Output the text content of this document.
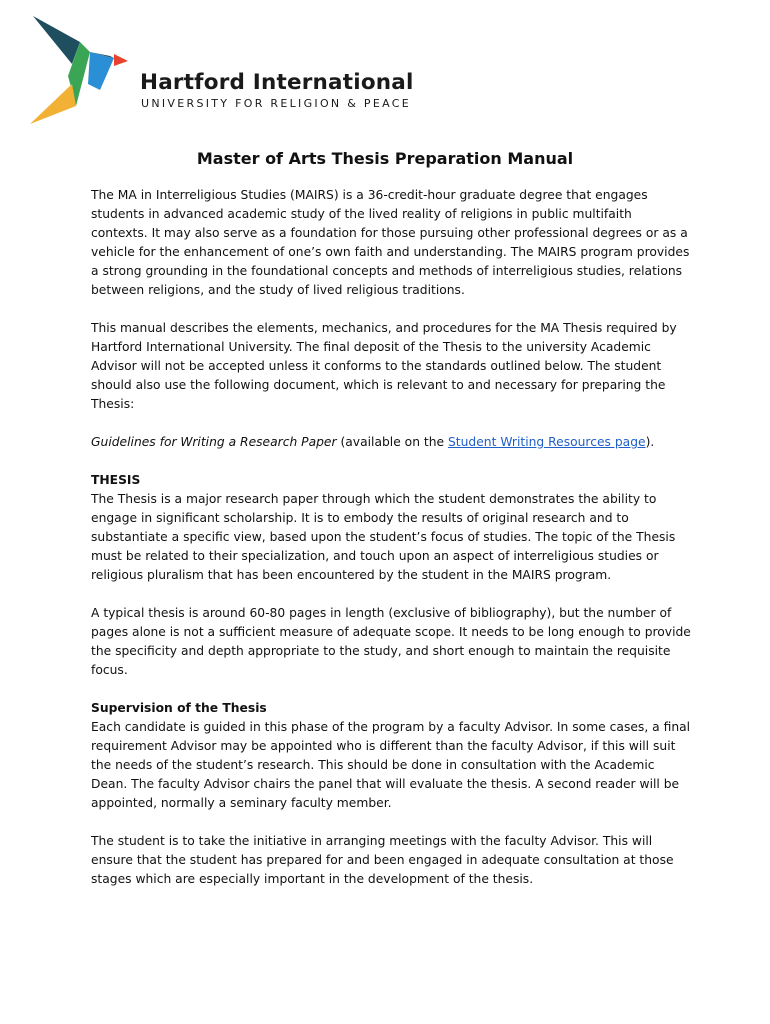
Hartford International
UNIVERSITY FOR RELIGION & PEACE
Master of Arts Thesis Preparation Manual

The MA in Interreligious Studies (MAIRS) is a 36-credit-hour graduate degree that engages students in advanced academic study of the lived reality of religions in public multifaith contexts. It may also serve as a foundation for those pursuing other professional degrees or as a vehicle for the enhancement of one’s own faith and understanding. The MAIRS program provides a strong grounding in the foundational concepts and methods of interreligious studies, relations between religions, and the study of lived religious traditions.

This manual describes the elements, mechanics, and procedures for the MA Thesis required by Hartford International University. The final deposit of the Thesis to the university Academic Advisor will not be accepted unless it conforms to the standards outlined below. The student should also use the following document, which is relevant to and necessary for preparing the Thesis:

Guidelines for Writing a Research Paper (available on the Student Writing Resources page).

THESIS

The Thesis is a major research paper through which the student demonstrates the ability to engage in significant scholarship. It is to embody the results of original research and to substantiate a specific view, based upon the student’s focus of studies. The topic of the Thesis must be related to their specialization, and touch upon an aspect of interreligious studies or religious pluralism that has been encountered by the student in the MAIRS program.

A typical thesis is around 60-80 pages in length (exclusive of bibliography), but the number of pages alone is not a sufficient measure of adequate scope. It needs to be long enough to provide the specificity and depth appropriate to the study, and short enough to maintain the requisite focus.

Supervision of the Thesis

Each candidate is guided in this phase of the program by a faculty Advisor. In some cases, a final requirement Advisor may be appointed who is different than the faculty Advisor, if this will suit the needs of the student’s research. This should be done in consultation with the Academic Dean. The faculty Advisor chairs the panel that will evaluate the thesis. A second reader will be appointed, normally a seminary faculty member.

The student is to take the initiative in arranging meetings with the faculty Advisor. This will ensure that the student has prepared for and been engaged in adequate consultation at those stages which are especially important in the development of the thesis.
